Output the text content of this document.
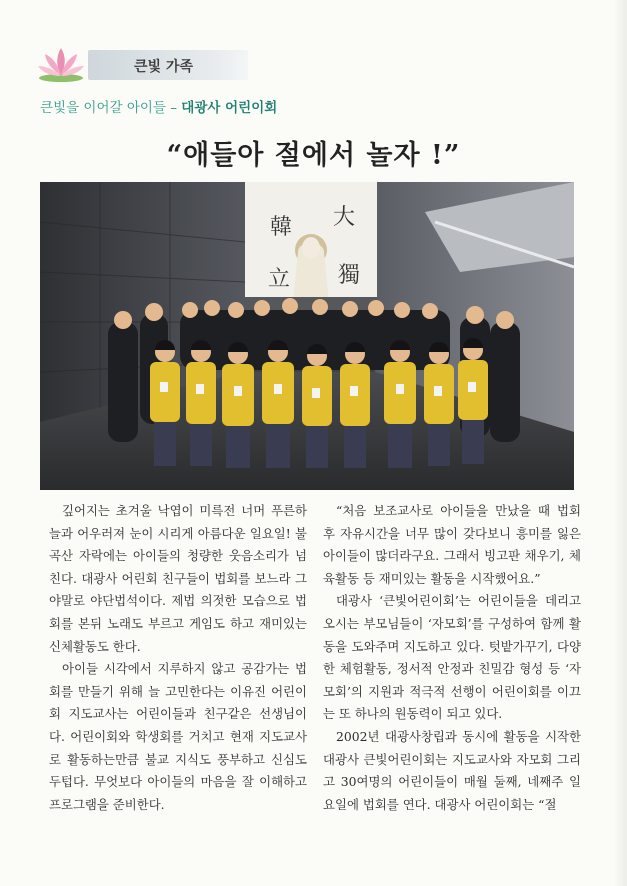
큰빛 가족
큰빛을 이어갈 아이들 – 대광사 어린이회
“애들아 절에서 놀자 !”
韓 大
立 獨

깊어지는 초겨울 낙엽이 미륵전 너머 푸른하늘과 어우러져 눈이 시리게 아름다운 일요일! 불곡산 자락에는 아이들의 청량한 웃음소리가 넘친다. 대광사 어린회 친구들이 법회를 보느라 그야말로 야단법석이다. 제법 의젓한 모습으로 법회를 본뒤 노래도 부르고 게임도 하고 재미있는 신체활동도 한다.

아이들 시각에서 지루하지 않고 공감가는 법회를 만들기 위해 늘 고민한다는 이유진 어린이회 지도교사는 어린이들과 친구같은 선생님이다. 어린이회와 학생회를 거치고 현재 지도교사로 활동하는만큼 불교 지식도 풍부하고 신심도 두텁다. 무엇보다 아이들의 마음을 잘 이해하고 프로그램을 준비한다.

“처음 보조교사로 아이들을 만났을 때 법회 후 자유시간을 너무 많이 갖다보니 흥미를 잃은 아이들이 많더라구요. 그래서 빙고판 채우기, 체육활동 등 재미있는 활동을 시작했어요.”

대광사 ‘큰빛어린이회’는 어린이들을 데리고 오시는 부모님들이 ‘자모회’를 구성하여 함께 활동을 도와주며 지도하고 있다. 텃밭가꾸기, 다양한 체험활동, 정서적 안정과 친밀감 형성 등 ‘자모회’의 지원과 적극적 선행이 어린이회를 이끄는 또 하나의 원동력이 되고 있다.

2002년 대광사창립과 동시에 활동을 시작한 대광사 큰빛어린이회는 지도교사와 자모회 그리고 30여명의 어린이들이 매월 둘째, 네째주 일요일에 법회를 연다. 대광사 어린이회는 “절
